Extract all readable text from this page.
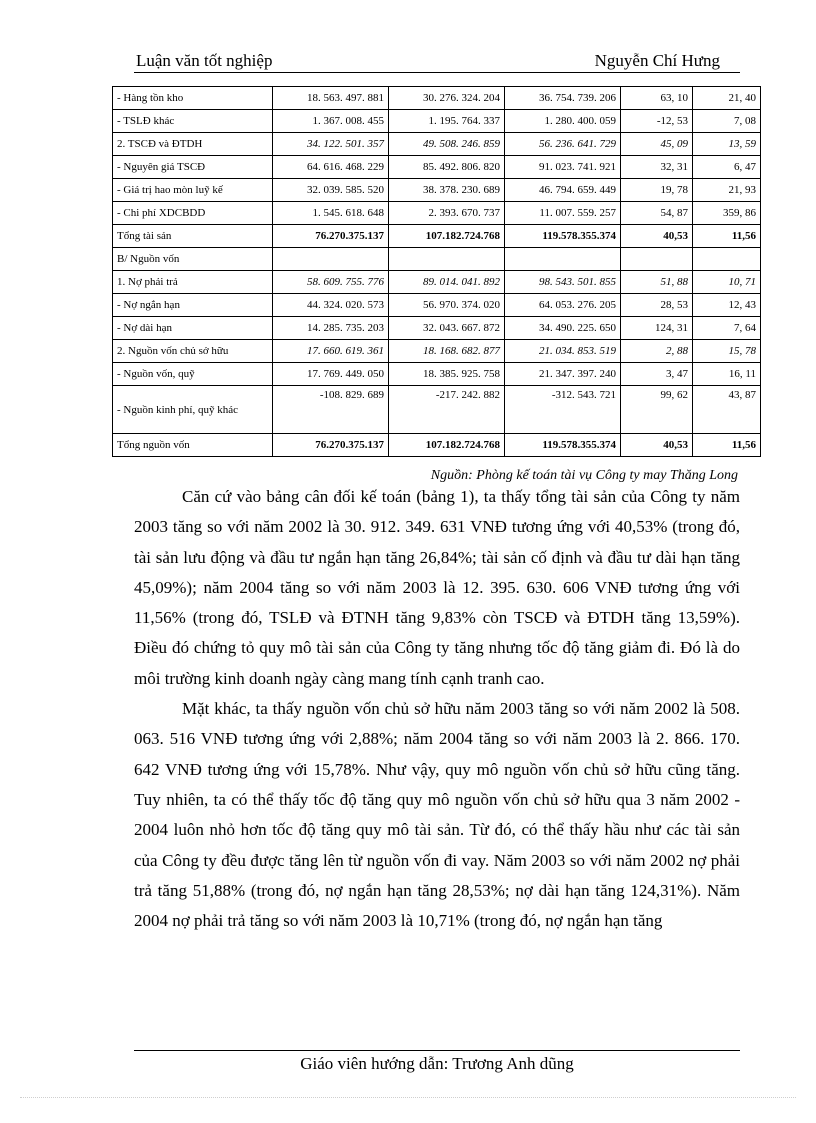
Luận văn tốt nghiệp	Nguyễn Chí Hưng
- Hàng tồn kho	18. 563. 497. 881	30. 276. 324. 204	36. 754. 739. 206	63, 10	21, 40
- TSLĐ khác	1. 367. 008. 455	1. 195. 764. 337	1. 280. 400. 059	-12, 53	7, 08
2. TSCĐ và ĐTDH	34. 122. 501. 357	49. 508. 246. 859	56. 236. 641. 729	45, 09	13, 59
- Nguyên giá TSCĐ	64. 616. 468. 229	85. 492. 806. 820	91. 023. 741. 921	32, 31	6, 47
- Giá trị hao mòn luỹ kế	32. 039. 585. 520	38. 378. 230. 689	46. 794. 659. 449	19, 78	21, 93
- Chi phí XDCBDD	1. 545. 618. 648	2. 393. 670. 737	11. 007. 559. 257	54, 87	359, 86
Tổng tài sản	76.270.375.137	107.182.724.768	119.578.355.374	40,53	11,56
B/ Nguồn vốn					
1. Nợ phải trả	58. 609. 755. 776	89. 014. 041. 892	98. 543. 501. 855	51, 88	10, 71
- Nợ ngắn hạn	44. 324. 020. 573	56. 970. 374. 020	64. 053. 276. 205	28, 53	12, 43
- Nợ dài hạn	14. 285. 735. 203	32. 043. 667. 872	34. 490. 225. 650	124, 31	7, 64
2. Nguồn vốn chủ sở hữu	17. 660. 619. 361	18. 168. 682. 877	21. 034. 853. 519	2, 88	15, 78
- Nguồn vốn, quỹ	17. 769. 449. 050	18. 385. 925. 758	21. 347. 397. 240	3, 47	16, 11
- Nguồn kinh phí, quỹ khác	-108. 829. 689	-217. 242. 882	-312. 543. 721	99, 62	43, 87
Tổng nguồn vốn	76.270.375.137	107.182.724.768	119.578.355.374	40,53	11,56
Nguồn: Phòng kế toán tài vụ Công ty may Thăng Long

Căn cứ vào bảng cân đối kế toán (bảng 1), ta thấy tổng tài sản của Công ty năm 2003 tăng so với năm 2002 là 30. 912. 349. 631 VNĐ tương ứng với 40,53% (trong đó, tài sản lưu động và đầu tư ngắn hạn tăng 26,84%; tài sản cố định và đầu tư dài hạn tăng 45,09%); năm 2004 tăng so với năm 2003 là 12. 395. 630. 606 VNĐ tương ứng với 11,56% (trong đó, TSLĐ và ĐTNH tăng 9,83% còn TSCĐ và ĐTDH tăng 13,59%). Điều đó chứng tỏ quy mô tài sản của Công ty tăng nhưng tốc độ tăng giảm đi. Đó là do môi trường kinh doanh ngày càng mang tính cạnh tranh cao.

Mặt khác, ta thấy nguồn vốn chủ sở hữu năm 2003 tăng so với năm 2002 là 508. 063. 516 VNĐ tương ứng với 2,88%; năm 2004 tăng so với năm 2003 là 2. 866. 170. 642 VNĐ tương ứng với 15,78%. Như vậy, quy mô nguồn vốn chủ sở hữu cũng tăng. Tuy nhiên, ta có thể thấy tốc độ tăng quy mô nguồn vốn chủ sở hữu qua 3 năm 2002 - 2004 luôn nhỏ hơn tốc độ tăng quy mô tài sản. Từ đó, có thể thấy hầu như các tài sản của Công ty đều được tăng lên từ nguồn vốn đi vay. Năm 2003 so với năm 2002 nợ phải trả tăng 51,88% (trong đó, nợ ngắn hạn tăng 28,53%; nợ dài hạn tăng 124,31%). Năm 2004 nợ phải trả tăng so với năm 2003 là 10,71% (trong đó, nợ ngắn hạn tăng

Giáo viên hướng dẫn: Trương Anh dũng
